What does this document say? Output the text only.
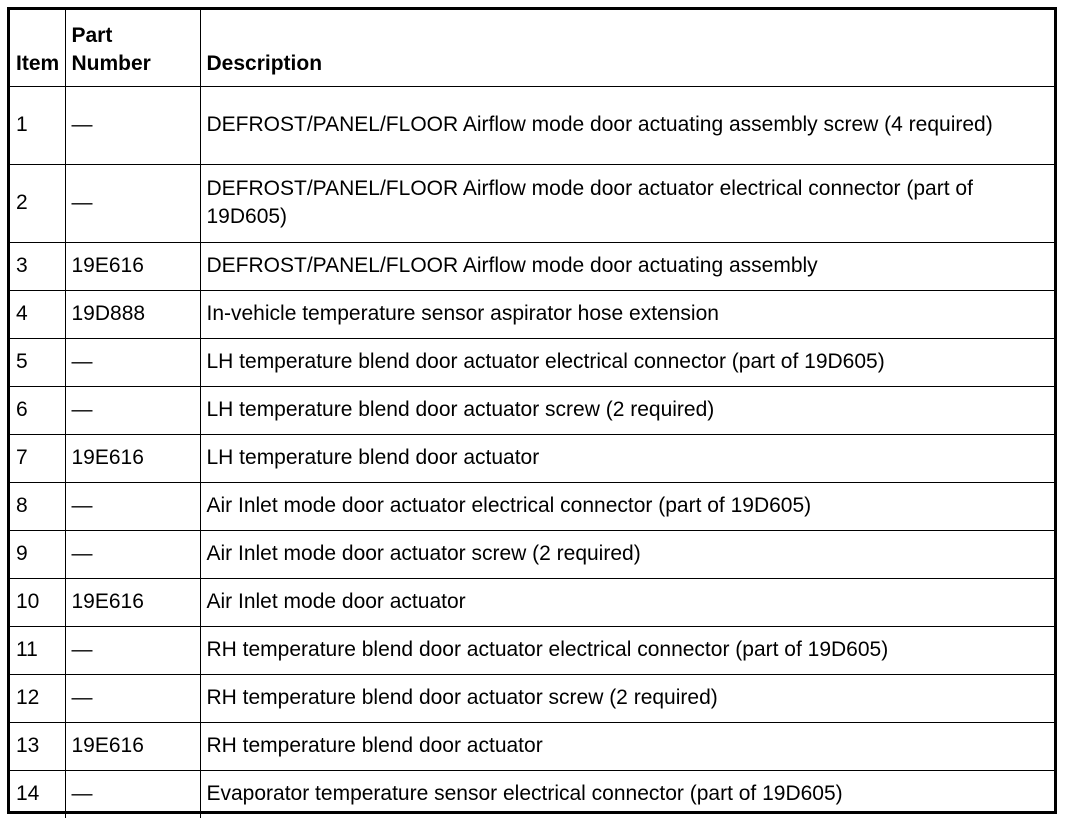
Item	Part Number	Description
1	—	DEFROST/PANEL/FLOOR Airflow mode door actuating assembly screw (4 required)
2	—	DEFROST/PANEL/FLOOR Airflow mode door actuator electrical connector (part of 19D605)
3	19E616	DEFROST/PANEL/FLOOR Airflow mode door actuating assembly
4	19D888	In-vehicle temperature sensor aspirator hose extension
5	—	LH temperature blend door actuator electrical connector (part of 19D605)
6	—	LH temperature blend door actuator screw (2 required)
7	19E616	LH temperature blend door actuator
8	—	Air Inlet mode door actuator electrical connector (part of 19D605)
9	—	Air Inlet mode door actuator screw (2 required)
10	19E616	Air Inlet mode door actuator
11	—	RH temperature blend door actuator electrical connector (part of 19D605)
12	—	RH temperature blend door actuator screw (2 required)
13	19E616	RH temperature blend door actuator
14	—	Evaporator temperature sensor electrical connector (part of 19D605)
